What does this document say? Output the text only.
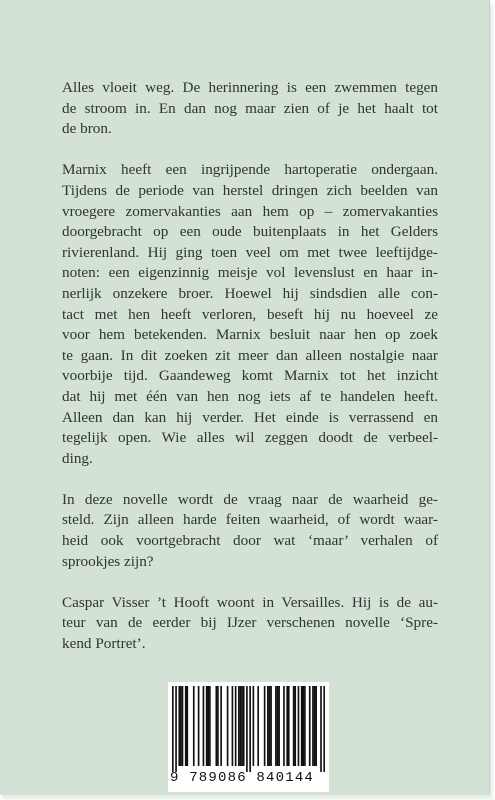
Alles vloeit weg. De herinnering is een zwemmen tegen
de stroom in. En dan nog maar zien of je het haalt tot
de bron.

Marnix heeft een ingrijpende hartoperatie ondergaan.
Tijdens de periode van herstel dringen zich beelden van
vroegere zomervakanties aan hem op – zomervakanties
doorgebracht op een oude buitenplaats in het Gelders
rivierenland. Hij ging toen veel om met twee leeftijdge-
noten: een eigenzinnig meisje vol levenslust en haar in-
nerlijk onzekere broer. Hoewel hij sindsdien alle con-
tact met hen heeft verloren, beseft hij nu hoeveel ze
voor hem betekenden. Marnix besluit naar hen op zoek
te gaan. In dit zoeken zit meer dan alleen nostalgie naar
voorbije tijd. Gaandeweg komt Marnix tot het inzicht
dat hij met één van hen nog iets af te handelen heeft.
Alleen dan kan hij verder. Het einde is verrassend en
tegelijk open. Wie alles wil zeggen doodt de verbeel-
ding.

In deze novelle wordt de vraag naar de waarheid ge-
steld. Zijn alleen harde feiten waarheid, of wordt waar-
heid ook voortgebracht door wat ‘maar’ verhalen of
sprookjes zijn?

Caspar Visser ’t Hooft woont in Versailles. Hij is de au-
teur van de eerder bij IJzer verschenen novelle ‘Spre-
kend Portret’.

9 789086 840144
